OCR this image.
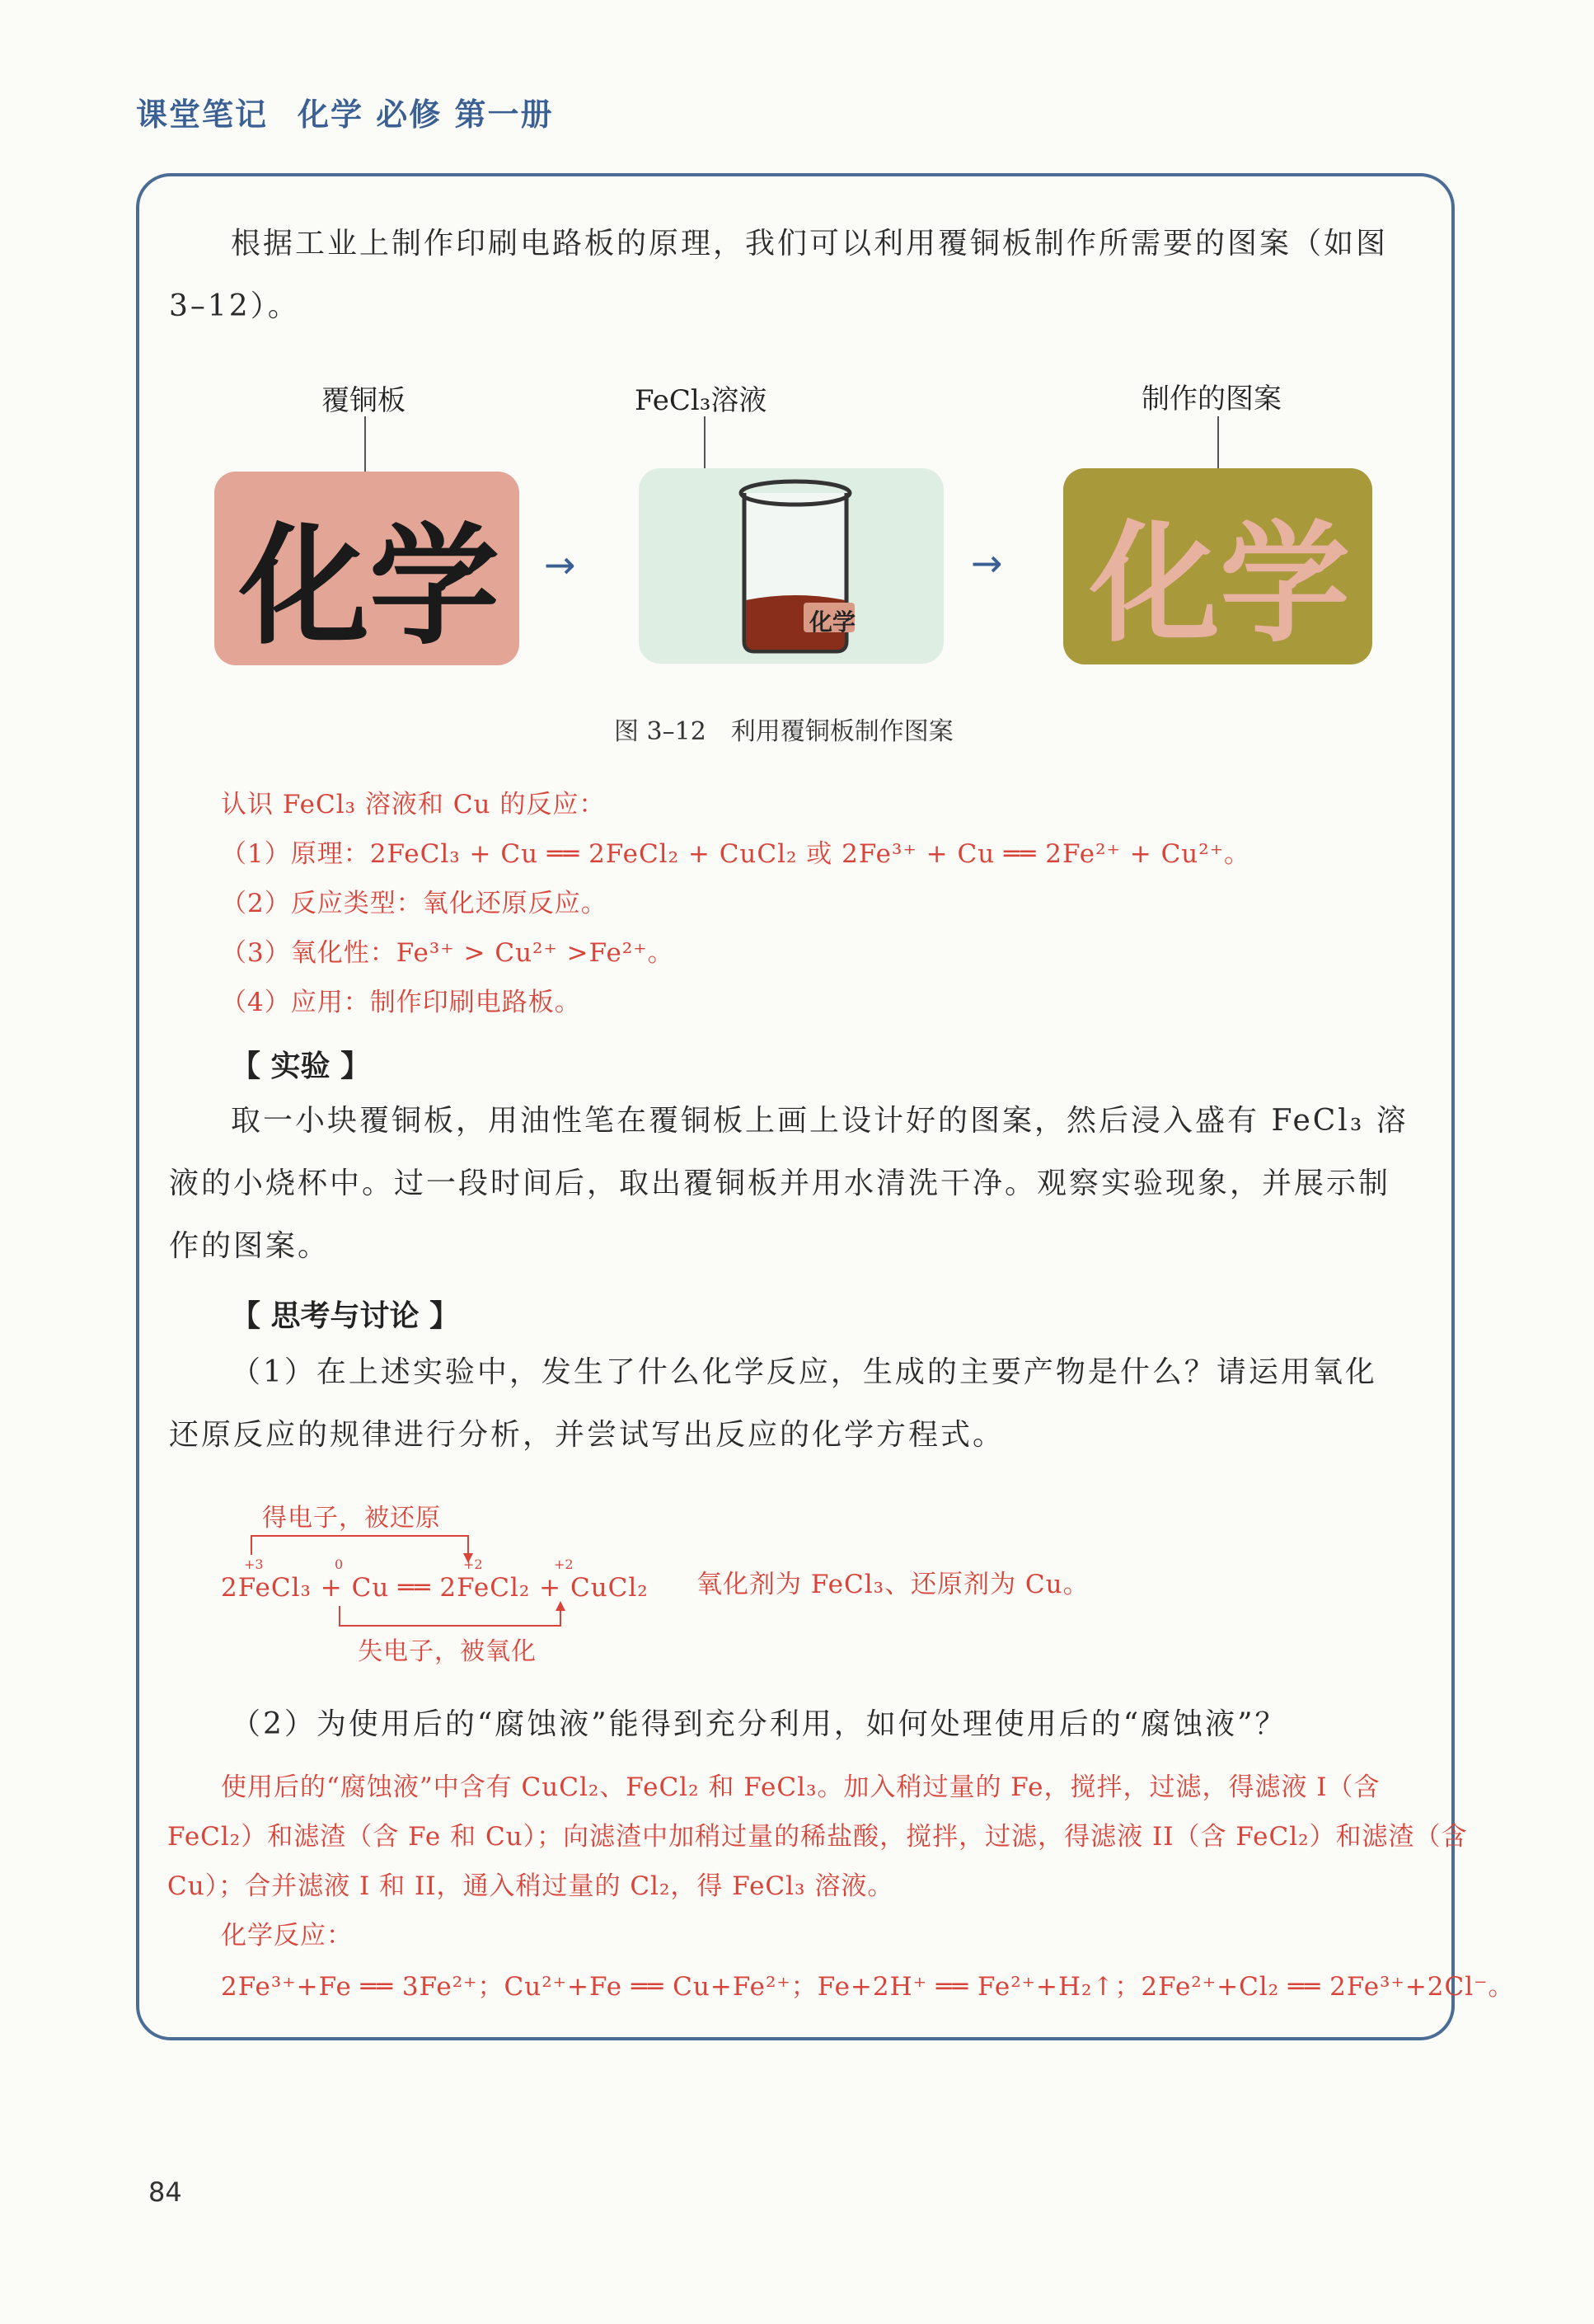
课堂笔记 化学 必修 第一册
根据工业上制作印刷电路板的原理，我们可以利用覆铜板制作所需要的图案（如图
3–12）。
覆铜板	FeCl₃溶液	制作的图案
化学 →
化学
→ 化学
图 3–12　利用覆铜板制作图案
认识 FeCl₃ 溶液和 Cu 的反应：
（1）原理：2FeCl₃ + Cu ══ 2FeCl₂ + CuCl₂ 或 2Fe³⁺ + Cu ══ 2Fe²⁺ + Cu²⁺。
（2）反应类型：氧化还原反应。
（3）氧化性：Fe³⁺ > Cu²⁺ >Fe²⁺。
（4）应用：制作印刷电路板。
【 实验 】
取一小块覆铜板，用油性笔在覆铜板上画上设计好的图案，然后浸入盛有 FeCl₃ 溶
液的小烧杯中。过一段时间后，取出覆铜板并用水清洗干净。观察实验现象，并展示制
作的图案。
【 思考与讨论 】
（1）在上述实验中，发生了什么化学反应，生成的主要产物是什么？请运用氧化
还原反应的规律进行分析，并尝试写出反应的化学方程式。
得电子，被还原
+3	0	+2	+2
2FeCl₃ + Cu ══ 2FeCl₂ + CuCl₂
失电子，被氧化
氧化剂为 FeCl₃、还原剂为 Cu。
（2）为使用后的“腐蚀液”能得到充分利用，如何处理使用后的“腐蚀液”？
使用后的“腐蚀液”中含有 CuCl₂、FeCl₂ 和 FeCl₃。加入稍过量的 Fe，搅拌，过滤，得滤液 I（含
FeCl₂）和滤渣（含 Fe 和 Cu）；向滤渣中加稍过量的稀盐酸，搅拌，过滤，得滤液 II（含 FeCl₂）和滤渣（含
Cu）；合并滤液 I 和 II，通入稍过量的 Cl₂，得 FeCl₃ 溶液。
化学反应：
2Fe³⁺+Fe ══ 3Fe²⁺；Cu²⁺+Fe ══ Cu+Fe²⁺；Fe+2H⁺ ══ Fe²⁺+H₂↑；2Fe²⁺+Cl₂ ══ 2Fe³⁺+2Cl⁻。
84
